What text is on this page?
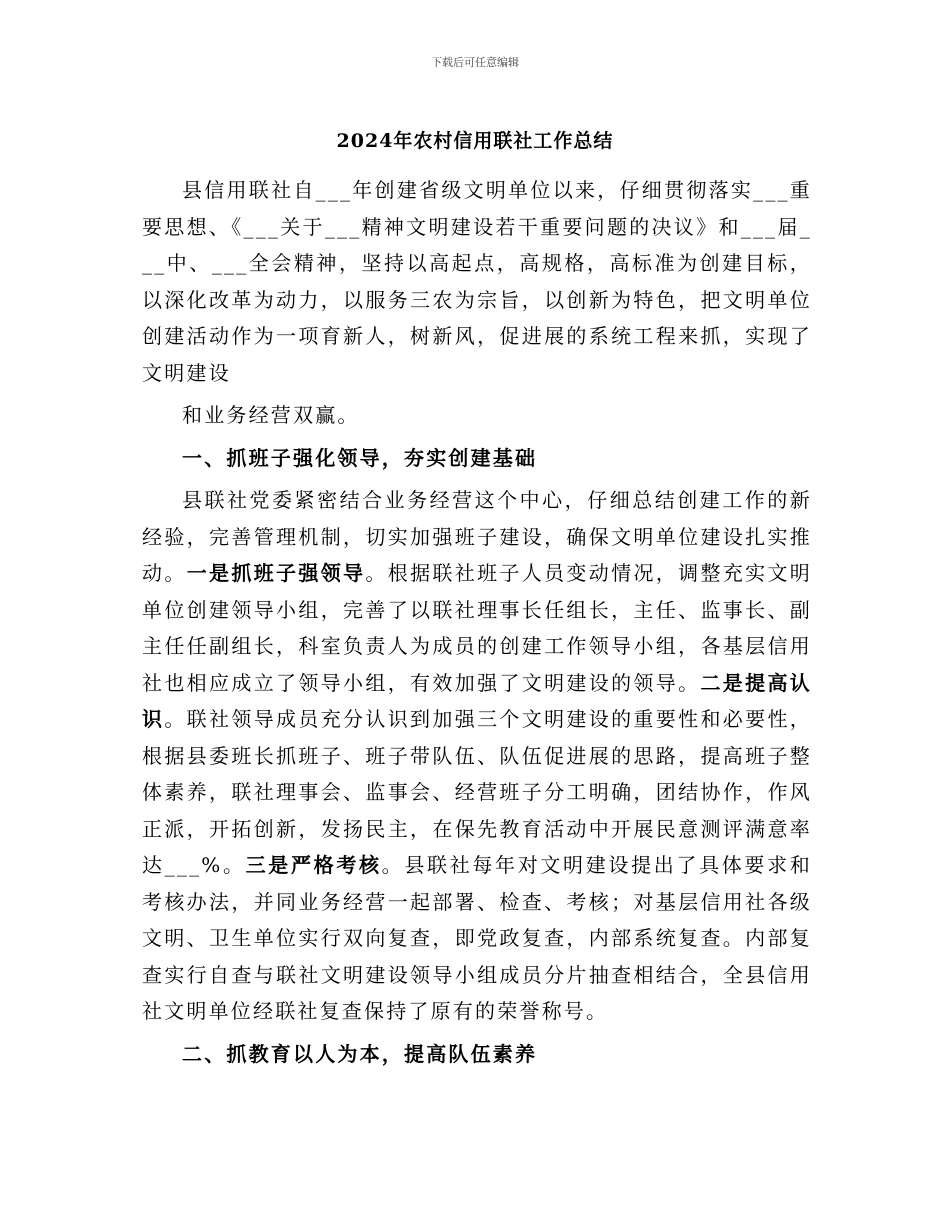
下载后可任意编辑
2024年农村信用联社工作总结

县信用联社自___年创建省级文明单位以来，仔细贯彻落实___重要思想、《___关于___精神文明建设若干重要问题的决议》和___届___中、___全会精神，坚持以高起点，高规格，高标准为创建目标，以深化改革为动力，以服务三农为宗旨，以创新为特色，把文明单位创建活动作为一项育新人，树新风，促进展的系统工程来抓，实现了文明建设

和业务经营双赢。

一、抓班子强化领导，夯实创建基础

县联社党委紧密结合业务经营这个中心，仔细总结创建工作的新经验，完善管理机制，切实加强班子建设，确保文明单位建设扎实推动。一是抓班子强领导。根据联社班子人员变动情况，调整充实文明单位创建领导小组，完善了以联社理事长任组长，主任、监事长、副主任任副组长，科室负责人为成员的创建工作领导小组，各基层信用社也相应成立了领导小组，有效加强了文明建设的领导。二是提高认识。联社领导成员充分认识到加强三个文明建设的重要性和必要性，根据县委班长抓班子、班子带队伍、队伍促进展的思路，提高班子整体素养，联社理事会、监事会、经营班子分工明确，团结协作，作风正派，开拓创新，发扬民主，在保先教育活动中开展民意测评满意率达___%。三是严格考核。县联社每年对文明建设提出了具体要求和考核办法，并同业务经营一起部署、检查、考核；对基层信用社各级文明、卫生单位实行双向复查，即党政复查，内部系统复查。内部复查实行自查与联社文明建设领导小组成员分片抽查相结合，全县信用社文明单位经联社复查保持了原有的荣誉称号。

二、抓教育以人为本，提高队伍素养
